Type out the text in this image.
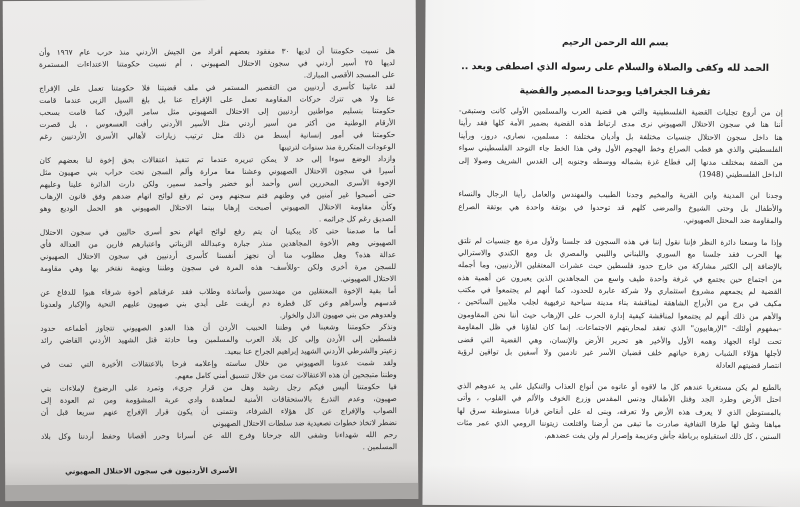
هل نسيت حكومتنا أن لديها ٣٠ مفقود بعضهم أفراد من الجيش الأردني منذ حرب عام ١٩٦٧ وأن
لديها ٢٥ أسير أردني في سجون الاحتلال الصهيوني ، أم نسيت حكومتنا الاعتداءات المستمرة
على المسجد الأقصى المبارك.
لقد عانينا كأسرى أردنيين من التقصير المستمر في ملف قضيتنا فلا حكومتنا تعمل على الإفراج
عنا ولا هي تترك حركات المقاومة تعمل على الإفراج عنا بل بلغ السيل الزبى عندما قامت
حكومتنا بتسليم مواطنين أردنيين إلى الاحتلال الصهيوني مثل سامر البرق، كما قامت بسحب
الأرقام الوطنية من أكثر من أسير أردني مثل الأسير الأردني رأفت العسعوس ، بل قصرت
حكومتنا في أمور إنسانية أبسط من ذلك مثل ترتيب زيارات لأهالي الأسرى الأردنيين رغم
الوعودات المتكررة منذ سنوات لترتيبها
وازداد الوضع سوءا إلى حد لا يمكن تبريره عندما تم تنفيذ اعتقالات بحق إخوة لنا بعضهم كان
أسيرا في سجون الاحتلال الصهيوني وعشنا معا مرارة وألم السجن تحت حراب بني صهيون مثل
الإخوة الأسرى المحررين أنس وأحمد أبو خضير وأحمد سمير، ولكن دارت الدائرة علينا وعليهم
حتى أصبحوا غير آمنين في وطنهم فتم سجنهم ومن ثم رفع لوائح اتهام ضدهم وفق قانون الإرهاب
وكأن مقاومة الاحتلال الصهيوني أصبحت إرهابا بينما الاحتلال الصهيوني هو الحمل الوديع وهو
الصديق رغم كل جرائمه .
أما ما صدمنا حتى كاد يبكينا أن يتم رفع لوائح اتهام نحو أسرى حاليين في سجون الاحتلال
الصهيوني وهم الأخوة المجاهدين منذر جبارة وعبدالله الزيناتي واعتبارهم فارين من العدالة فأي
عدالة هذه؟ وهل مطلوب منا أن نجهز أنفسنا كأسرى أردنيين في سجون الاحتلال الصهيوني
للسجن مرة أخرى ولكن -وللأسف- هذه المرة في سجون وطننا وبتهمة نفتخر بها وهي مقاومة
الاحتلال الصهيوني.
أما بقية الإخوة المعتقلين من مهندسين وأساتذة وطلاب فقد عرفناهم أخوة شرفاء هبوا للدفاع عن
قدسهم وأسراهم وعن كل قطرة دم أريقت على أيدي بني صهيون عليهم التحية والإكبار ولعدونا
ولعدوهم من بني صهيون الذل والخوار.
ونذكر حكومتنا وشعبنا في وطننا الحبيب الأردن أن هذا العدو الصهيوني تتجاوز أطماعه حدود
فلسطين إلى الأردن وإلى كل بلاد العرب والمسلمين وما حادثة قتل الشهيد الأردني القاضي رائد
زعيتر والشرطي الأردني الشهيد إبراهيم الجراح عنا ببعيد.
ولقد شمت عدونا الصهيوني من خلال ساسته وإعلامه فرحا بالاعتقالات الأخيرة التي تمت في
وطننا متبجحين أن هذه الاعتقالات تمت من خلال تنسيق أمني كامل معهم.
فيا حكومتنا أليس فيكم رجل رشيد وهل من قرار جريء، وتمرد على الرضوخ لإملاءات بني
صهيون، وعدم التذرع بالاستحقاقات الأمنية لمعاهدة وادي عربة المشؤومة ومن ثم العودة إلى
الصواب والإفراج عن كل هؤلاء الشرفاء، ونتمنى أن يكون قرار الإفراج عنهم سريعا قبل أن
نضطر لاتخاذ خطوات تصعيدية ضد سلطات الاحتلال الصهيوني
رحم الله شهداءنا وشفى الله جرحانا وفرج الله عن أسرانا وحرر أقصانا وحفظ أردننا وكل بلاد
المسلمين .
الأسرى الأردنيون في سجون الاحتلال الصهيوني
بسم الله الرحمن الرحيم
الحمد لله وكفى والصلاة والسلام على رسوله الذي اصطفى وبعد ..
تفرقنا الجغرافيا ويوحدنا المصير والقضية
إن من أروع تجليات القضية الفلسطينية والتي هي قضية العرب والمسلمين الأولى كانت وستبقى-
أننا هنا في سجون الاحتلال الصهيوني نرى مدى ارتباط هذه القضية بضمير الأمة كلها فقد رأينا
هنا داخل سجون الاحتلال جنسيات مختلفة بل وأديان مختلفة : مسلمين، نصارى، دروز، ورأينا
الفلسطيني والذي هو قطب الصراع وخط الهجوم الأول وفي هذا الخط جاء التوحد الفلسطيني سواء
من الضفة بمختلف مدنها إلى قطاع غزة بشماله ووسطه وجنوبه إلى القدس الشريف وصولا إلى
الداخل الفلسطيني (1948)
وجدنا ابن المدينة وابن القرية والمخيم وجدنا الطبيب والمهندس والعامل رأينا الرجال والنساء
والأطفال بل وحتى الشيوخ والمرضى كلهم قد توحدوا في بوتقة واحدة هي بوتقة الصراع
والمقاومة ضد المحتل الصهيوني.
وإذا ما وسعنا دائرة النظر فإننا نقول إننا في هذه السجون قد جلسنا ولأول مرة مع جنسيات لم نلتق
بها الحرب فقد جلسنا مع السوري واللبناني والليبي والمصري بل ومع الكندي والاسترالي
بالإضافة إلى الكثير مشاركة من خارج حدود فلسطين حيث عشرات المعتقلين الأردنيين، وما أجمله
من اجتماع حين يجتمع في غرفة واحدة طيف واسع من المجاهدين الذين يعبرون عن أهمية هذه
القضية لم يجمعهم مشروع استثماري ولا شركة عابرة للحدود، كما أنهم لم يجتمعوا في مكتب
مكيف في برج من الأبراج الشاهقة لمناقشة بناء مدينة سياحية ترفيهية لجلب ملايين السائحين ،
والأهم من ذلك أنهم لم يجتمعوا لمناقشة كيفية إدارة الحرب على الإرهاب حيث أننا نحن المقاومون
-بمفهوم أولئك- "الإرهابيون" الذي تعقد لمحاربتهم الاجتماعات. إنما كان لقاؤنا في ظل المقاومة
تحت لواء الجهاد وهمه الأول والأخير هو تحرير الأرض والإنسان، وهي القضية التي قضى
لأجلها هؤلاء الشباب زهرة حياتهم خلف قضبان الأسر غير نادمين ولا آسفين بل تواقين لرؤية
انتصار قضيتهم العادلة
بالطبع لم يكن مستغربا عندهم كل ما لاقوه أو عانوه من أنواع العذاب والتنكيل على يد عدوهم الذي
احتل الأرض وطرد الجد وقتل الأطفال ودنس المقدس وزرع الخوف والألم في القلوب ، وأتى
بالمستوطن الذي لا يعرف هذه الأرض ولا تعرفه، وبنى له على أنقاض قرانا مستوطنة سرق لها
مياهنا وشق لها طرقا التفافية صادرت ما تبقى من أرضنا واقتلعت زيتوننا الرومي الذي عمر مئات
السنين ، كل ذلك استقبلوه برباطة جأش وعزيمة وإصرار لم ولن يفت عضدهم.
